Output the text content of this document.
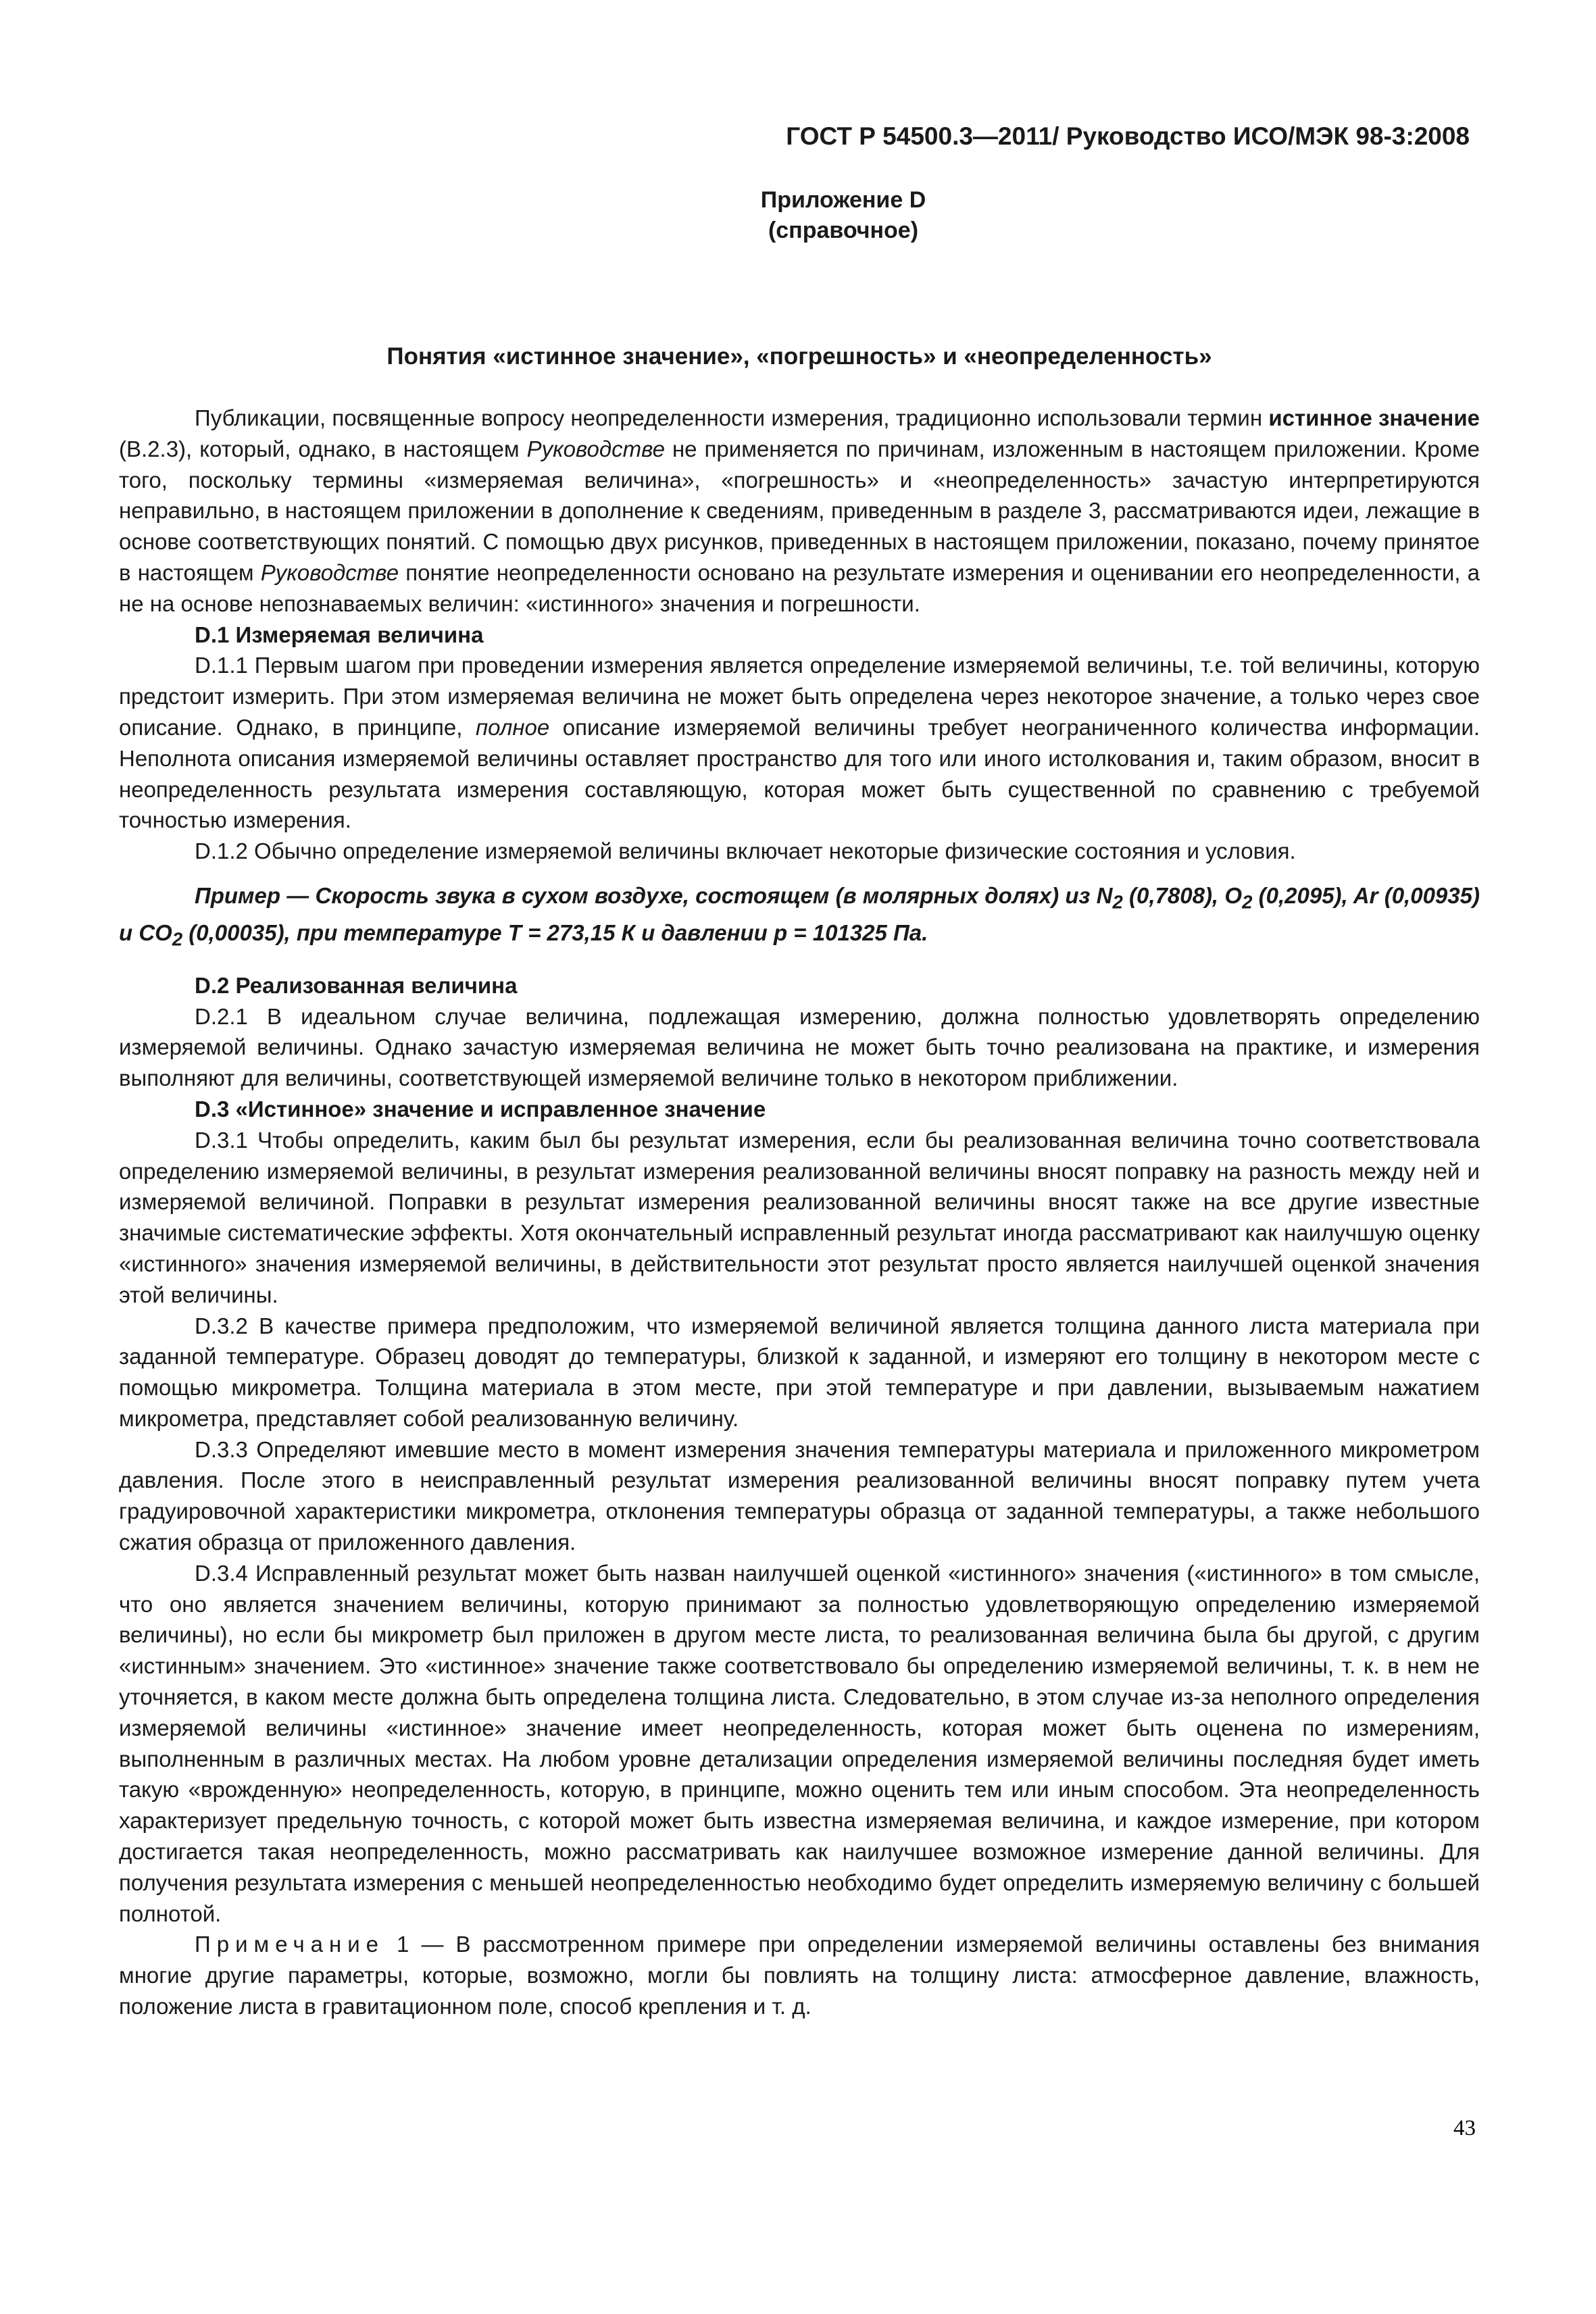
ГОСТ Р 54500.3—2011/ Руководство ИСО/МЭК 98-3:2008
Приложение D
(справочное)
Понятия «истинное значение», «погрешность» и «неопределенность»

Публикации, посвященные вопросу неопределенности измерения, традиционно использовали термин истинное значение (В.2.3), который, однако, в настоящем Руководстве не применяется по причинам, изложенным в настоящем приложении. Кроме того, поскольку термины «измеряемая величина», «погрешность» и «неопределенность» зачастую интерпретируются неправильно, в настоящем приложении в дополнение к сведениям, приведенным в разделе 3, рассматриваются идеи, лежащие в основе соответствующих понятий. С помощью двух рисунков, приведенных в настоящем приложении, показано, почему принятое в настоящем Руководстве понятие неопределенности основано на результате измерения и оценивании его неопределенности, а не на основе непознаваемых величин: «истинного» значения и погрешности.

D.1 Измеряемая величина

D.1.1 Первым шагом при проведении измерения является определение измеряемой величины, т.е. той величины, которую предстоит измерить. При этом измеряемая величина не может быть определена через некоторое значение, а только через свое описание. Однако, в принципе, полное описание измеряемой величины требует неограниченного количества информации. Неполнота описания измеряемой величины оставляет пространство для того или иного истолкования и, таким образом, вносит в неопределенность результата измерения составляющую, которая может быть существенной по сравнению с требуемой точностью измерения.

D.1.2 Обычно определение измеряемой величины включает некоторые физические состояния и условия.

Пример — Скорость звука в сухом воздухе, состоящем (в молярных долях) из $N_2$ (0,7808), $O_2$ (0,2095), Ar (0,00935) и $CO_2$ (0,00035), при температуре T = 273,15 К и давлении p = 101325 Па.

D.2 Реализованная величина

D.2.1 В идеальном случае величина, подлежащая измерению, должна полностью удовлетворять определению измеряемой величины. Однако зачастую измеряемая величина не может быть точно реализована на практике, и измерения выполняют для величины, соответствующей измеряемой величине только в некотором приближении.

D.3 «Истинное» значение и исправленное значение

D.3.1 Чтобы определить, каким был бы результат измерения, если бы реализованная величина точно соответствовала определению измеряемой величины, в результат измерения реализованной величины вносят поправку на разность между ней и измеряемой величиной. Поправки в результат измерения реализованной величины вносят также на все другие известные значимые систематические эффекты. Хотя окончательный исправленный результат иногда рассматривают как наилучшую оценку «истинного» значения измеряемой величины, в действительности этот результат просто является наилучшей оценкой значения этой величины.

D.3.2 В качестве примера предположим, что измеряемой величиной является толщина данного листа материала при заданной температуре. Образец доводят до температуры, близкой к заданной, и измеряют его толщину в некотором месте с помощью микрометра. Толщина материала в этом месте, при этой температуре и при давлении, вызываемым нажатием микрометра, представляет собой реализованную величину.

D.3.3 Определяют имевшие место в момент измерения значения температуры материала и приложенного микрометром давления. После этого в неисправленный результат измерения реализованной величины вносят поправку путем учета градуировочной характеристики микрометра, отклонения температуры образца от заданной температуры, а также небольшого сжатия образца от приложенного давления.

D.3.4 Исправленный результат может быть назван наилучшей оценкой «истинного» значения («истинного» в том смысле, что оно является значением величины, которую принимают за полностью удовлетворяющую определению измеряемой величины), но если бы микрометр был приложен в другом месте листа, то реализованная величина была бы другой, с другим «истинным» значением. Это «истинное» значение также соответствовало бы определению измеряемой величины, т. к. в нем не уточняется, в каком месте должна быть определена толщина листа. Следовательно, в этом случае из-за неполного определения измеряемой величины «истинное» значение имеет неопределенность, которая может быть оценена по измерениям, выполненным в различных местах. На любом уровне детализации определения измеряемой величины последняя будет иметь такую «врожденную» неопределенность, которую, в принципе, можно оценить тем или иным способом. Эта неопределенность характеризует предельную точность, с которой может быть известна измеряемая величина, и каждое измерение, при котором достигается такая неопределенность, можно рассматривать как наилучшее возможное измерение данной величины. Для получения результата измерения с меньшей неопределенностью необходимо будет определить измеряемую величину с большей полнотой.

Примечание 1 — В рассмотренном примере при определении измеряемой величины оставлены без внимания многие другие параметры, которые, возможно, могли бы повлиять на толщину листа: атмосферное давление, влажность, положение листа в гравитационном поле, способ крепления и т. д.

43
